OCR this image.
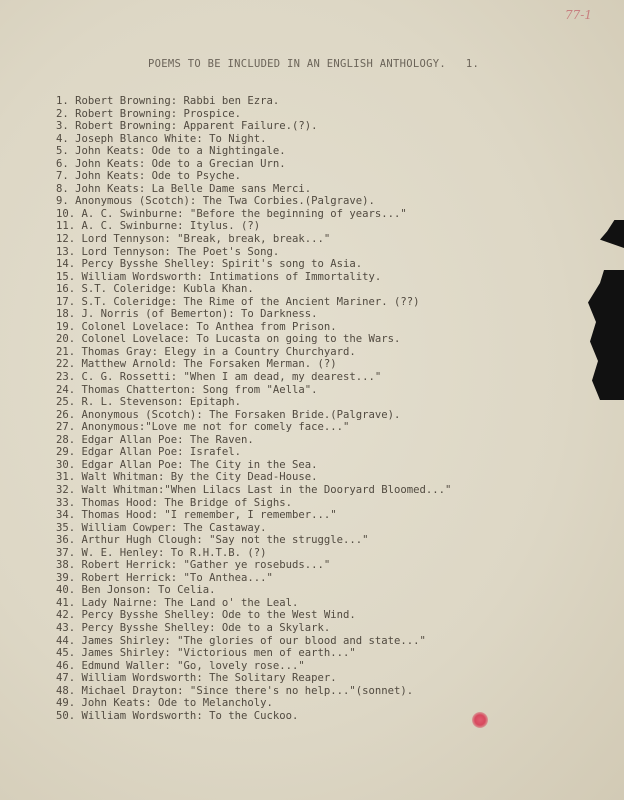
77-1
POEMS TO BE INCLUDED IN AN ENGLISH ANTHOLOGY. 1.
1. Robert Browning: Rabbi ben Ezra.
2. Robert Browning: Prospice.
3. Robert Browning: Apparent Failure.(?).
4. Joseph Blanco White: To Night.
5. John Keats: Ode to a Nightingale.
6. John Keats: Ode to a Grecian Urn.
7. John Keats: Ode to Psyche.
8. John Keats: La Belle Dame sans Merci.
9. Anonymous (Scotch): The Twa Corbies.(Palgrave).
10. A. C. Swinburne: "Before the beginning of years..."
11. A. C. Swinburne: Itylus. (?)
12. Lord Tennyson: "Break, break, break..."
13. Lord Tennyson: The Poet's Song.
14. Percy Bysshe Shelley: Spirit's song to Asia.
15. William Wordsworth: Intimations of Immortality.
16. S.T. Coleridge: Kubla Khan.
17. S.T. Coleridge: The Rime of the Ancient Mariner. (??)
18. J. Norris (of Bemerton): To Darkness.
19. Colonel Lovelace: To Anthea from Prison.
20. Colonel Lovelace: To Lucasta on going to the Wars.
21. Thomas Gray: Elegy in a Country Churchyard.
22. Matthew Arnold: The Forsaken Merman. (?)
23. C. G. Rossetti: "When I am dead, my dearest..."
24. Thomas Chatterton: Song from "Aella".
25. R. L. Stevenson: Epitaph.
26. Anonymous (Scotch): The Forsaken Bride.(Palgrave).
27. Anonymous:"Love me not for comely face..."
28. Edgar Allan Poe: The Raven.
29. Edgar Allan Poe: Israfel.
30. Edgar Allan Poe: The City in the Sea.
31. Walt Whitman: By the City Dead-House.
32. Walt Whitman:"When Lilacs Last in the Dooryard Bloomed..."
33. Thomas Hood: The Bridge of Sighs.
34. Thomas Hood: "I remember, I remember..."
35. William Cowper: The Castaway.
36. Arthur Hugh Clough: "Say not the struggle..."
37. W. E. Henley: To R.H.T.B. (?)
38. Robert Herrick: "Gather ye rosebuds..."
39. Robert Herrick: "To Anthea..."
40. Ben Jonson: To Celia.
41. Lady Nairne: The Land o' the Leal.
42. Percy Bysshe Shelley: Ode to the West Wind.
43. Percy Bysshe Shelley: Ode to a Skylark.
44. James Shirley: "The glories of our blood and state..."
45. James Shirley: "Victorious men of earth..."
46. Edmund Waller: "Go, lovely rose..."
47. William Wordsworth: The Solitary Reaper.
48. Michael Drayton: "Since there's no help..."(sonnet).
49. John Keats: Ode to Melancholy.
50. William Wordsworth: To the Cuckoo.
